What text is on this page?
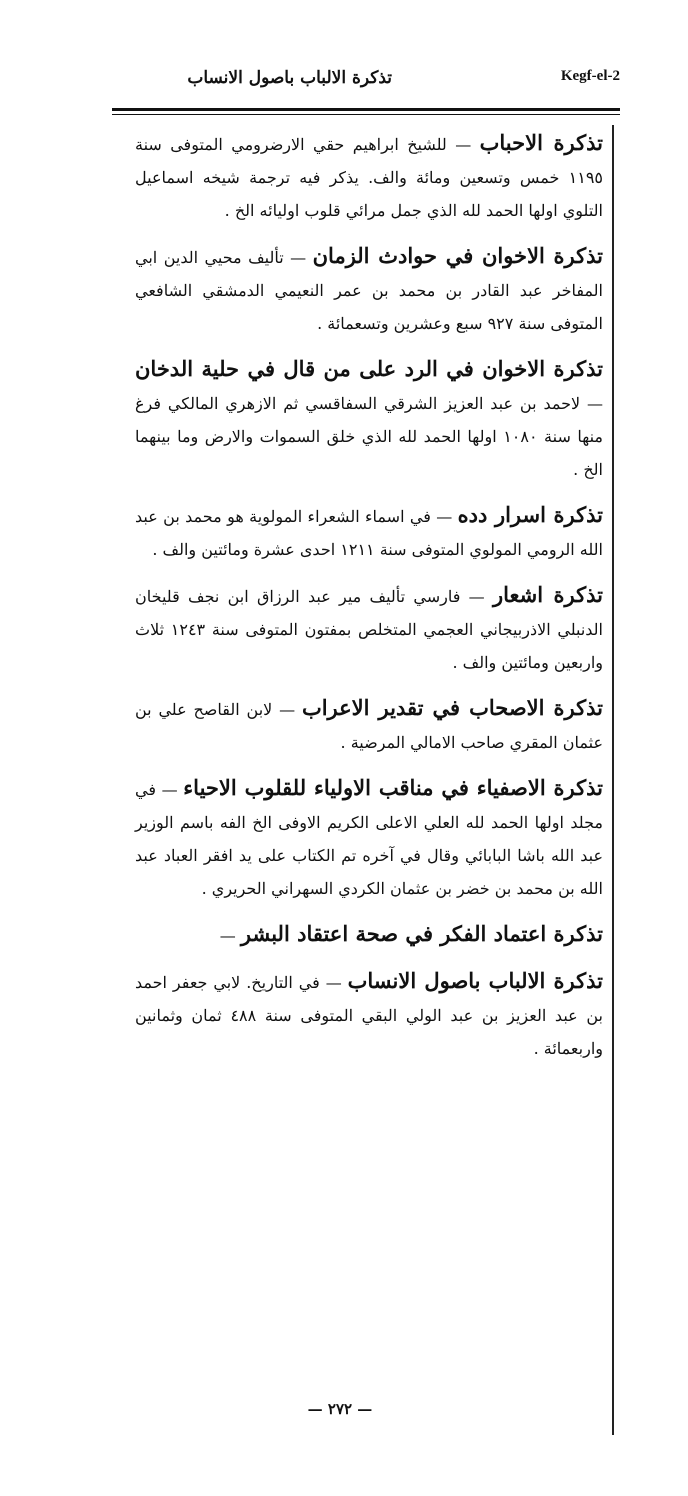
تذكرة الالباب باصول الانساب	Kegf-el-2

تذكرة الاحباب — للشيخ ابراهيم حقي الارضرومي المتوفى سنة ١١٩٥ خمس وتسعين ومائة والف. يذكر فيه ترجمة شيخه اسماعيل التلوي اولها الحمد لله الذي جمل مرائي قلوب اوليائه الخ .

تذكرة الاخوان في حوادث الزمان — تأليف محيي الدين ابي المفاخر عبد القادر بن محمد بن عمر النعيمي الدمشقي الشافعي المتوفى سنة ٩٢٧ سبع وعشرين وتسعمائة .

تذكرة الاخوان في الرد على من قال في حلية الدخان — لاحمد بن عبد العزيز الشرقي السفاقسي ثم الازهري المالكي فرغ منها سنة ١٠٨٠ اولها الحمد لله الذي خلق السموات والارض وما بينهما الخ .

تذكرة اسرار دده — في اسماء الشعراء المولوية هو محمد بن عبد الله الرومي المولوي المتوفى سنة ١٢١١ احدى عشرة ومائتين والف .

تذكرة اشعار — فارسي تأليف مير عبد الرزاق ابن نجف قليخان الدنبلي الاذربيجاني العجمي المتخلص بمفتون المتوفى سنة ١٢٤٣ ثلاث واربعين ومائتين والف .

تذكرة الاصحاب في تقدير الاعراب — لابن القاصح علي بن عثمان المقري صاحب الامالي المرضية .

تذكرة الاصفياء في مناقب الاولياء للقلوب الاحياء — في مجلد اولها الحمد لله العلي الاعلى الكريم الاوفى الخ الفه باسم الوزير عبد الله باشا البابائي وقال في آخره تم الكتاب على يد افقر العباد عبد الله بن محمد بن خضر بن عثمان الكردي السهراني الحريري .

تذكرة اعتماد الفكر في صحة اعتقاد البشر —

تذكرة الالباب باصول الانساب — في التاريخ. لابي جعفر احمد بن عبد العزيز بن عبد الولي البقي المتوفى سنة ٤٨٨ ثمان وثمانين واربعمائة .

— ٢٧٢ —
